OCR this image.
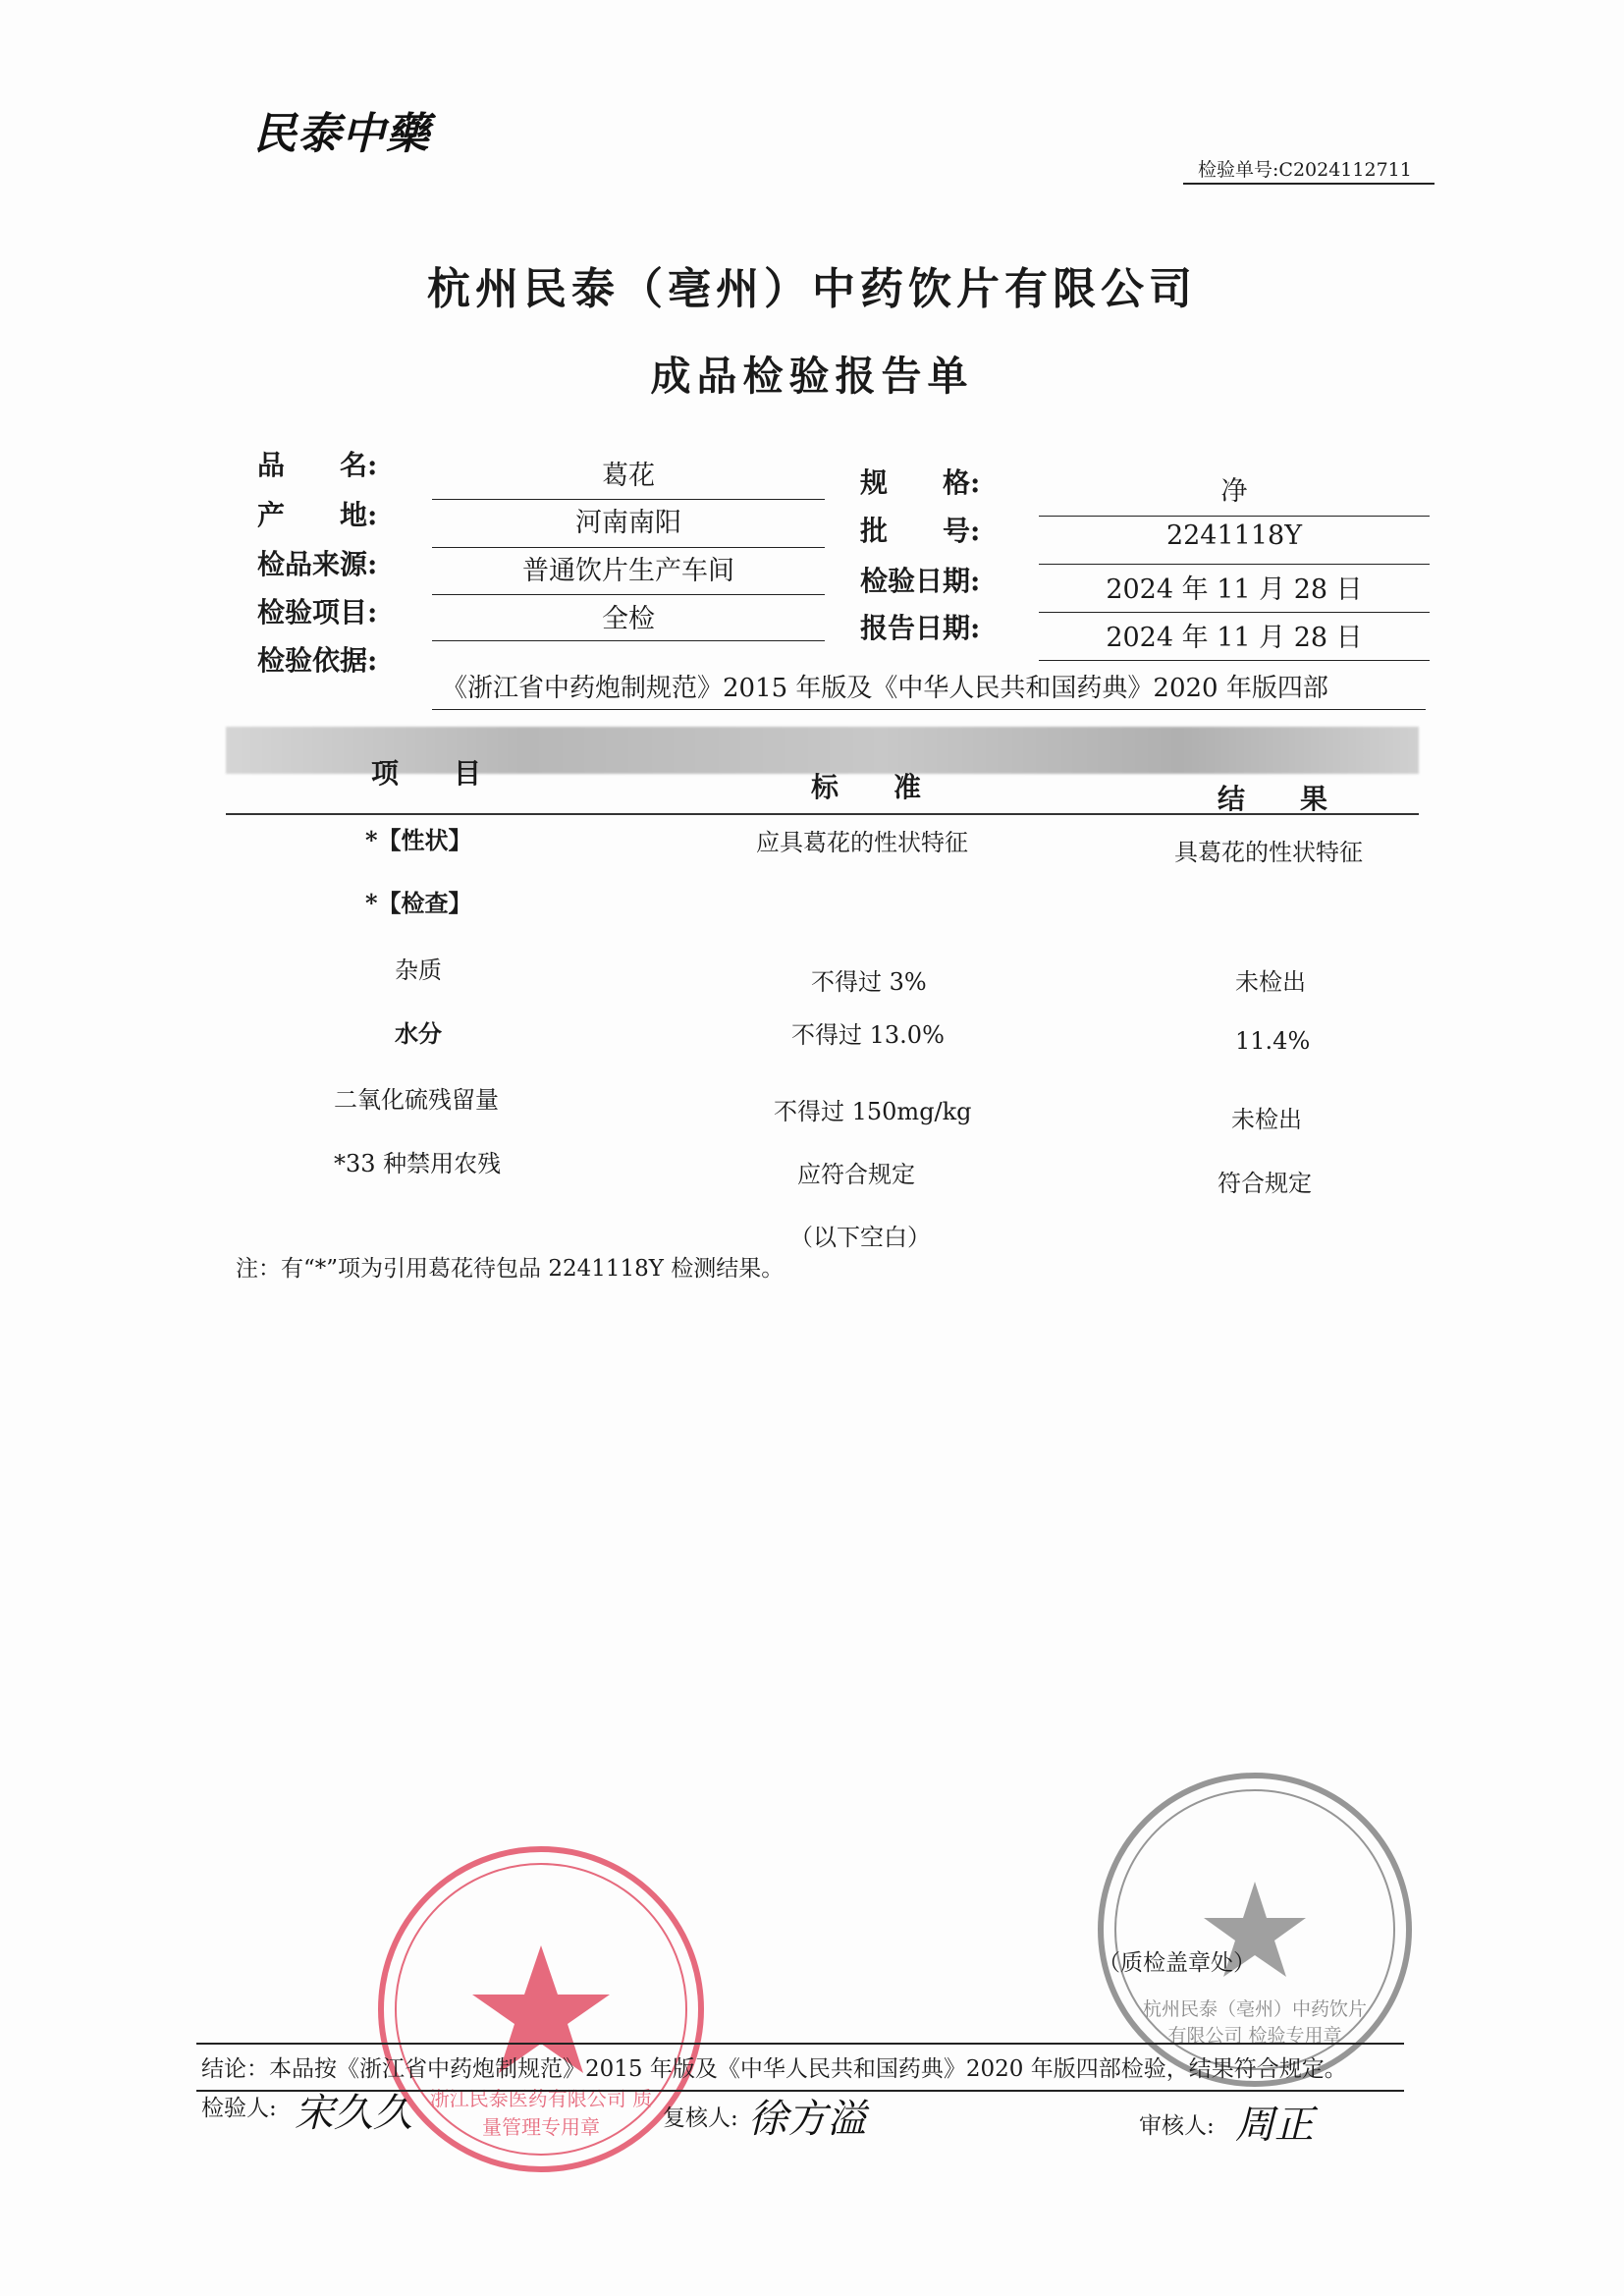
民泰中藥
检验单号:C2024112711
杭州民泰（亳州）中药饮片有限公司
成品检验报告单
品　　名:	葛花
产　　地:	河南南阳
检品来源:	普通饮片生产车间
检验项目:	全检
检验依据:
《浙江省中药炮制规范》2015 年版及《中华人民共和国药典》2020 年版四部
规　　格:	净
批　　号:	2241118Y
检验日期:	2024 年 11 月 28 日
报告日期:	2024 年 11 月 28 日
项　　目	标　　准	结　　果
*【性状】	应具葛花的性状特征	具葛花的性状特征
*【检查】
杂质	不得过 3%	未检出
水分	不得过 13.0%	11.4%
二氧化硫残留量	不得过 150mg/kg	未检出
*33 种禁用农残	应符合规定	符合规定
（以下空白）
注：有“*”项为引用葛花待包品 2241118Y 检测结果。
浙江民泰医药有限公司 质量管理专用章
杭州民泰（亳州）中药饮片有限公司 检验专用章
（质检盖章处）
结论：本品按《浙江省中药炮制规范》2015 年版及《中华人民共和国药典》2020 年版四部检验，结果符合规定。
检验人: 宋久久	复核人: 徐方溢	审核人: 周正
